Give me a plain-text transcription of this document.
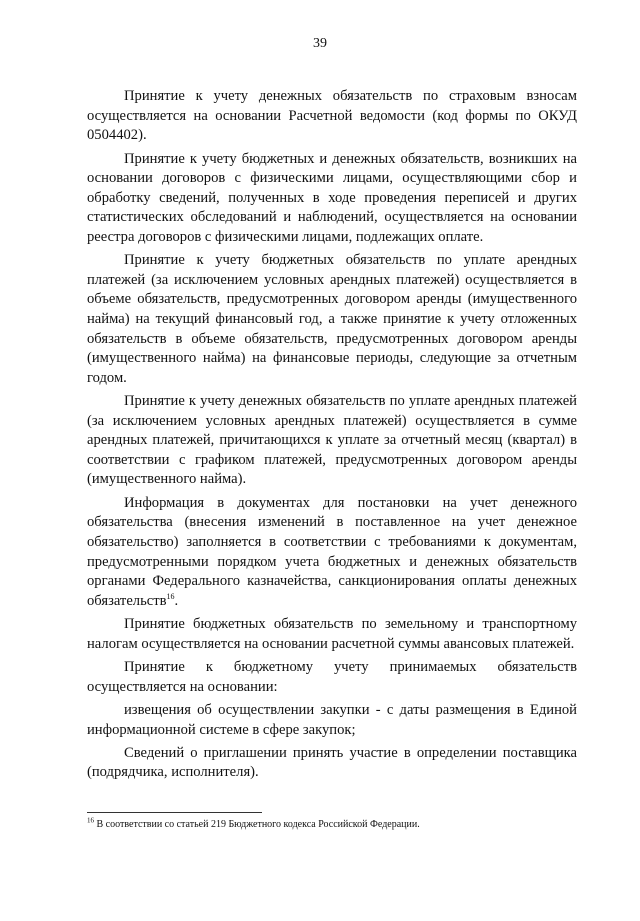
39

Принятие к учету денежных обязательств по страховым взносам осуществляется на основании Расчетной ведомости (код формы по ОКУД 0504402).

Принятие к учету бюджетных и денежных обязательств, возникших на основании договоров с физическими лицами, осуществляющими сбор и обработку сведений, полученных в ходе проведения переписей и других статистических обследований и наблюдений, осуществляется на основании реестра договоров с физическими лицами, подлежащих оплате.

Принятие к учету бюджетных обязательств по уплате арендных платежей (за исключением условных арендных платежей) осуществляется в объеме обязательств, предусмотренных договором аренды (имущественного найма) на текущий финансовый год, а также принятие к учету отложенных обязательств в объеме обязательств, предусмотренных договором аренды (имущественного найма) на финансовые периоды, следующие за отчетным годом.

Принятие к учету денежных обязательств по уплате арендных платежей (за исключением условных арендных платежей) осуществляется в сумме арендных платежей, причитающихся к уплате за отчетный месяц (квартал) в соответствии с графиком платежей, предусмотренных договором аренды (имущественного найма).

Информация в документах для постановки на учет денежного обязательства (внесения изменений в поставленное на учет денежное обязательство) заполняется в соответствии с требованиями к документам, предусмотренными порядком учета бюджетных и денежных обязательств органами Федерального казначейства, санкционирования оплаты денежных обязательств$^{16}$.

Принятие бюджетных обязательств по земельному и транспортному налогам осуществляется на основании расчетной суммы авансовых платежей.

Принятие к бюджетному учету принимаемых обязательств осуществляется на основании:

извещения об осуществлении закупки - с даты размещения в Единой информационной системе в сфере закупок;

Сведений о приглашении принять участие в определении поставщика (подрядчика, исполнителя).

$^{16}$ В соответствии со статьей 219 Бюджетного кодекса Российской Федерации.
